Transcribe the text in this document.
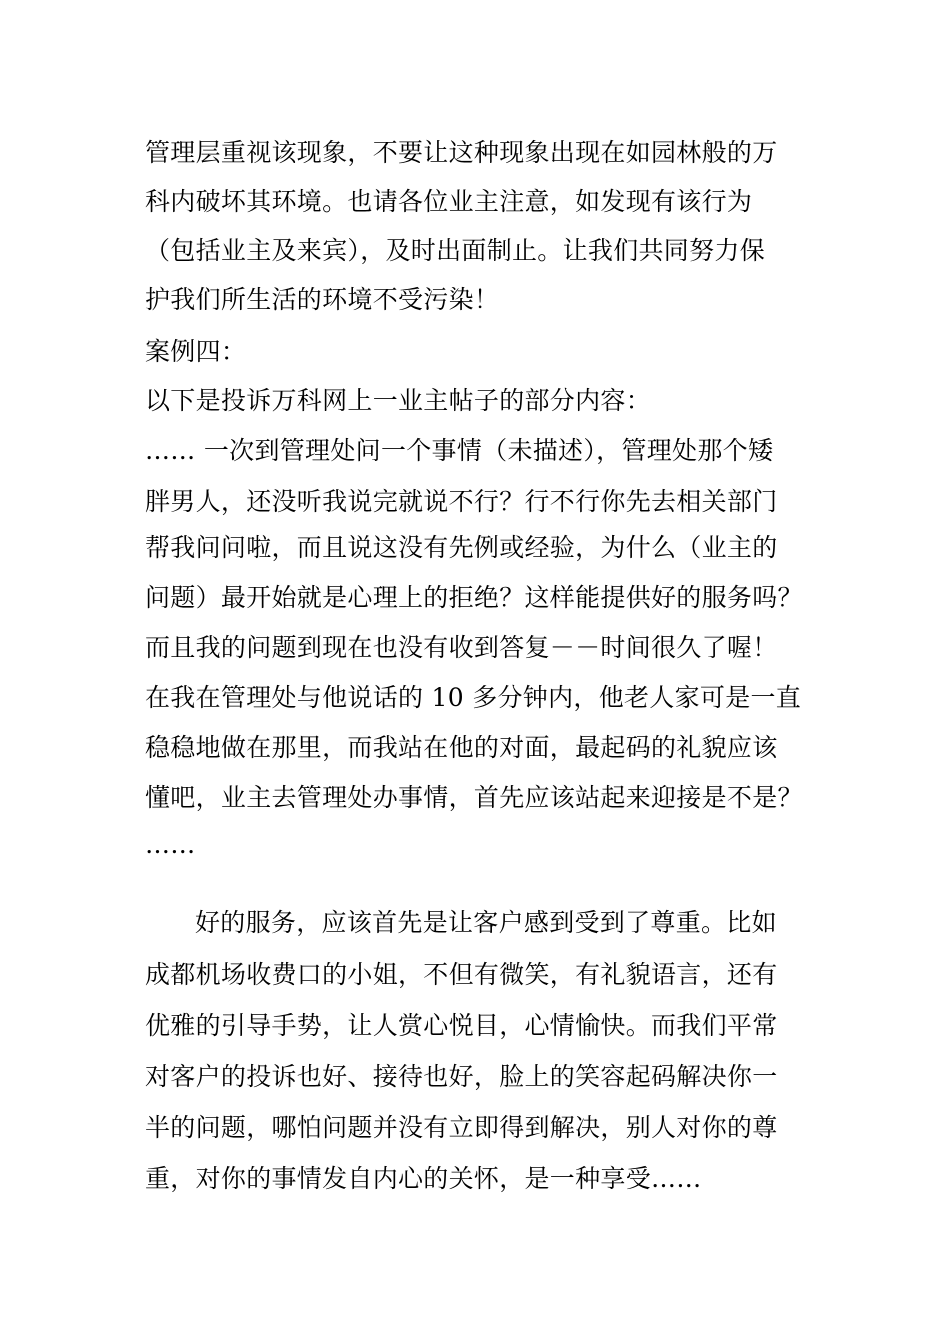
管理层重视该现象，不要让这种现象出现在如园林般的万
科内破坏其环境。也请各位业主注意，如发现有该行为
（包括业主及来宾），及时出面制止。让我们共同努力保
护我们所生活的环境不受污染！
案例四：
以下是投诉万科网上一业主帖子的部分内容：
…… 一次到管理处问一个事情（未描述），管理处那个矮
胖男人，还没听我说完就说不行？行不行你先去相关部门
帮我问问啦，而且说这没有先例或经验，为什么（业主的
问题）最开始就是心理上的拒绝？这样能提供好的服务吗？
而且我的问题到现在也没有收到答复－－时间很久了喔！
在我在管理处与他说话的 10 多分钟内，他老人家可是一直
稳稳地做在那里，而我站在他的对面，最起码的礼貌应该
懂吧，业主去管理处办事情，首先应该站起来迎接是不是？
……
好的服务，应该首先是让客户感到受到了尊重。比如
成都机场收费口的小姐，不但有微笑，有礼貌语言，还有
优雅的引导手势，让人赏心悦目，心情愉快。而我们平常
对客户的投诉也好、接待也好，脸上的笑容起码解决你一
半的问题，哪怕问题并没有立即得到解决，别人对你的尊
重，对你的事情发自内心的关怀，是一种享受……
